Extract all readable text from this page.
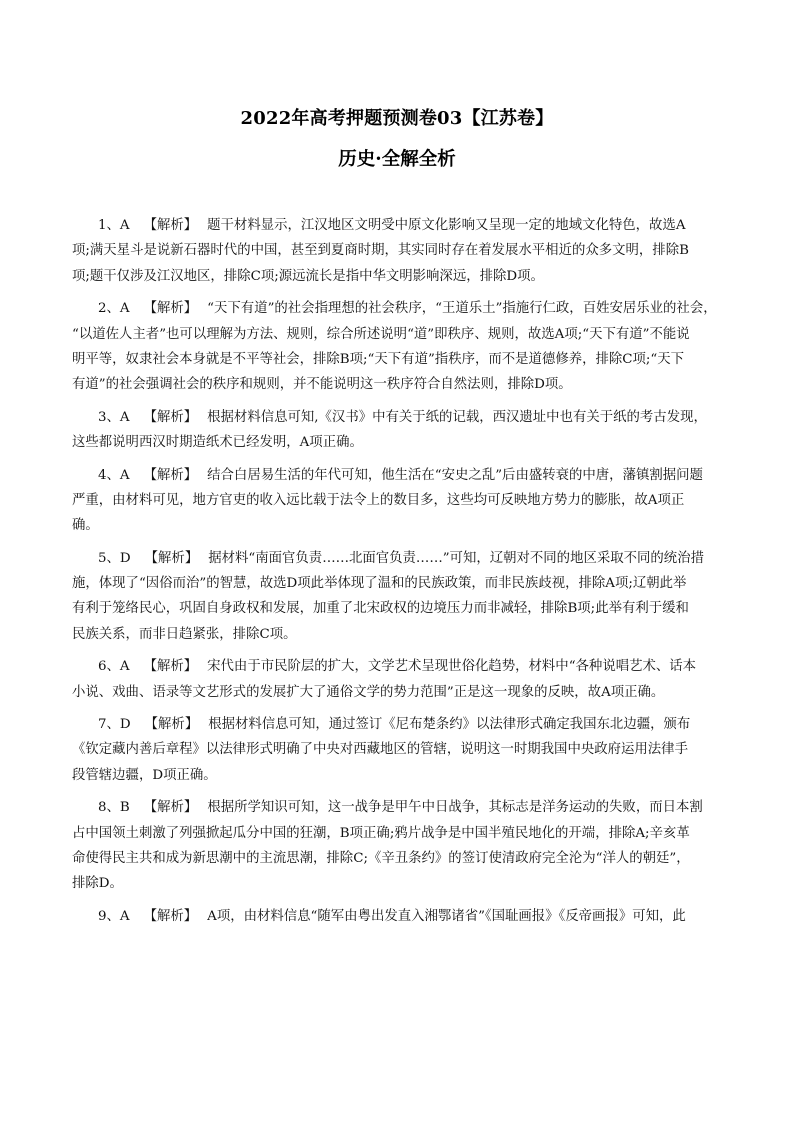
2022年高考押题预测卷03【江苏卷】
历史·全解全析
1、A 【解析】 题干材料显示，江汉地区文明受中原文化影响又呈现一定的地域文化特色，故选A
项;满天星斗是说新石器时代的中国，甚至到夏商时期，其实同时存在着发展水平相近的众多文明，排除B
项;题干仅涉及江汉地区，排除C项;源远流长是指中华文明影响深远，排除D项。
2、A 【解析】 “天下有道”的社会指理想的社会秩序，“王道乐土”指施行仁政，百姓安居乐业的社会，
“以道佐人主者”也可以理解为方法、规则，综合所述说明“道”即秩序、规则，故选A项;“天下有道”不能说
明平等，奴隶社会本身就是不平等社会，排除B项;“天下有道”指秩序，而不是道德修养，排除C项;“天下
有道”的社会强调社会的秩序和规则，并不能说明这一秩序符合自然法则，排除D项。
3、A 【解析】 根据材料信息可知,《汉书》中有关于纸的记载，西汉遗址中也有关于纸的考古发现，
这些都说明西汉时期造纸术已经发明，A项正确。
4、A 【解析】 结合白居易生活的年代可知，他生活在“安史之乱”后由盛转衰的中唐，藩镇割据问题
严重，由材料可见，地方官吏的收入远比载于法令上的数目多，这些均可反映地方势力的膨胀，故A项正
确。
5、D 【解析】 据材料“南面官负责……北面官负责……”可知，辽朝对不同的地区采取不同的统治措
施，体现了“因俗而治”的智慧，故选D项此举体现了温和的民族政策，而非民族歧视，排除A项;辽朝此举
有利于笼络民心，巩固自身政权和发展，加重了北宋政权的边境压力而非减轻，排除B项;此举有利于缓和
民族关系，而非日趋紧张，排除C项。
6、A 【解析】 宋代由于市民阶层的扩大，文学艺术呈现世俗化趋势，材料中“各种说唱艺术、话本
小说、戏曲、语录等文艺形式的发展扩大了通俗文学的势力范围”正是这一现象的反映，故A项正确。
7、D 【解析】 根据材料信息可知，通过签订《尼布楚条约》以法律形式确定我国东北边疆，颁布
《钦定藏内善后章程》以法律形式明确了中央对西藏地区的管辖，说明这一时期我国中央政府运用法律手
段管辖边疆，D项正确。
8、B 【解析】 根据所学知识可知，这一战争是甲午中日战争，其标志是洋务运动的失败，而日本割
占中国领土刺激了列强掀起瓜分中国的狂潮，B项正确;鸦片战争是中国半殖民地化的开端，排除A;辛亥革
命使得民主共和成为新思潮中的主流思潮，排除C;《辛丑条约》的签订使清政府完全沦为“洋人的朝廷”，
排除D。
9、A 【解析】 A项，由材料信息“随军由粤出发直入湘鄂诸省”《国耻画报》《反帝画报》可知，此
